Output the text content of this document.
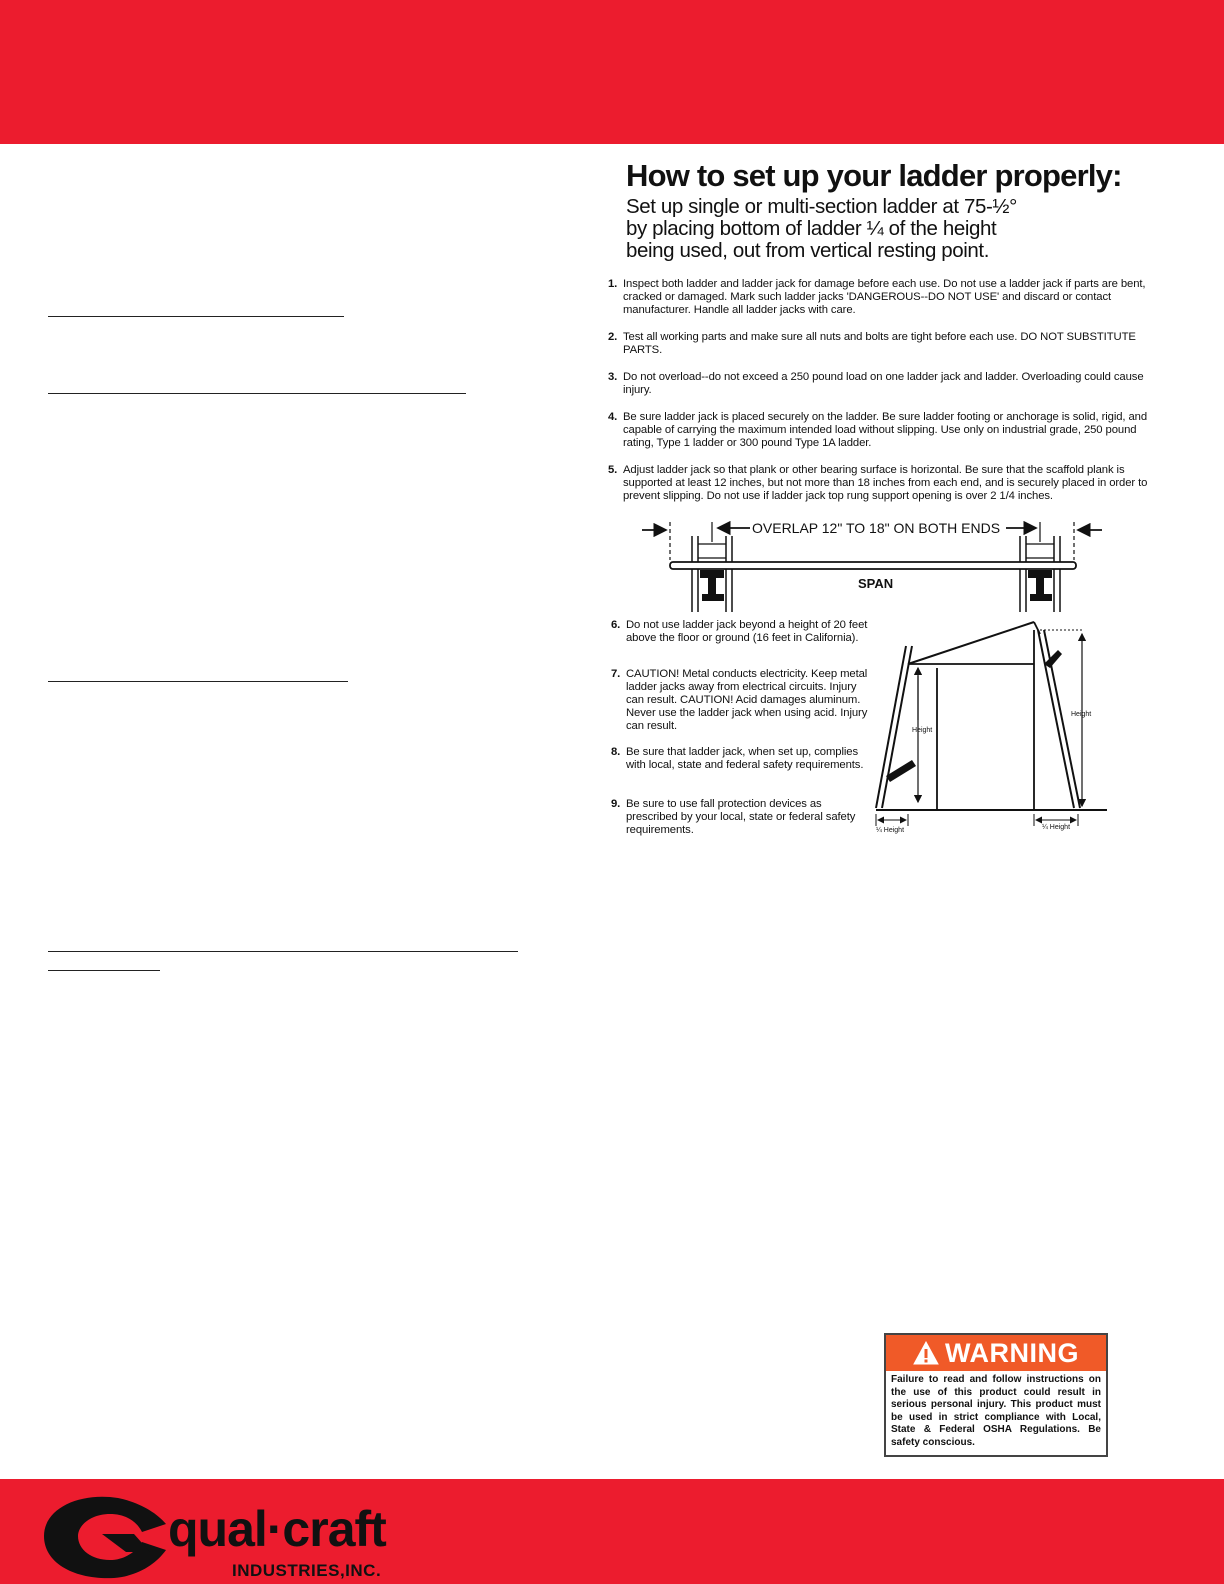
How to set up your ladder properly:
Set up single or multi-section ladder at 75-½°
by placing bottom of ladder ¼ of the height
being used, out from vertical resting point.
1. Inspect both ladder and ladder jack for damage before each use. Do not use a ladder jack if parts are bent, cracked or damaged. Mark such ladder jacks 'DANGEROUS--DO NOT USE' and discard or contact manufacturer. Handle all ladder jacks with care.
2. Test all working parts and make sure all nuts and bolts are tight before each use. DO NOT SUBSTITUTE PARTS.
3. Do not overload--do not exceed a 250 pound load on one ladder jack and ladder. Overloading could cause injury.
4. Be sure ladder jack is placed securely on the ladder. Be sure ladder footing or anchorage is solid, rigid, and capable of carrying the maximum intended load without slipping. Use only on industrial grade, 250 pound rating, Type 1 ladder or 300 pound Type 1A ladder.
5. Adjust ladder jack so that plank or other bearing surface is horizontal. Be sure that the scaffold plank is supported at least 12 inches, but not more than 18 inches from each end, and is securely placed in order to prevent slipping. Do not use if ladder jack top rung support opening is over 2 1/4 inches.
OVERLAP 12" TO 18" ON BOTH ENDS
SPAN
6. Do not use ladder jack beyond a height of 20 feet above the floor or ground (16 feet in California).
7. CAUTION! Metal conducts electricity. Keep metal ladder jacks away from electrical circuits. Injury can result. CAUTION! Acid damages aluminum. Never use the ladder jack when using acid. Injury can result.
8. Be sure that ladder jack, when set up, complies with local, state and federal safety requirements.
9. Be sure to use fall protection devices as prescribed by your local, state or federal safety requirements.
Height
Height
¼ Height	¼ Height
WARNING
Failure to read and follow instructions on the use of this product could result in serious personal injury. This product must be used in strict compliance with Local, State & Federal OSHA Regulations. Be safety conscious.
qual·craft
INDUSTRIES,INC.
